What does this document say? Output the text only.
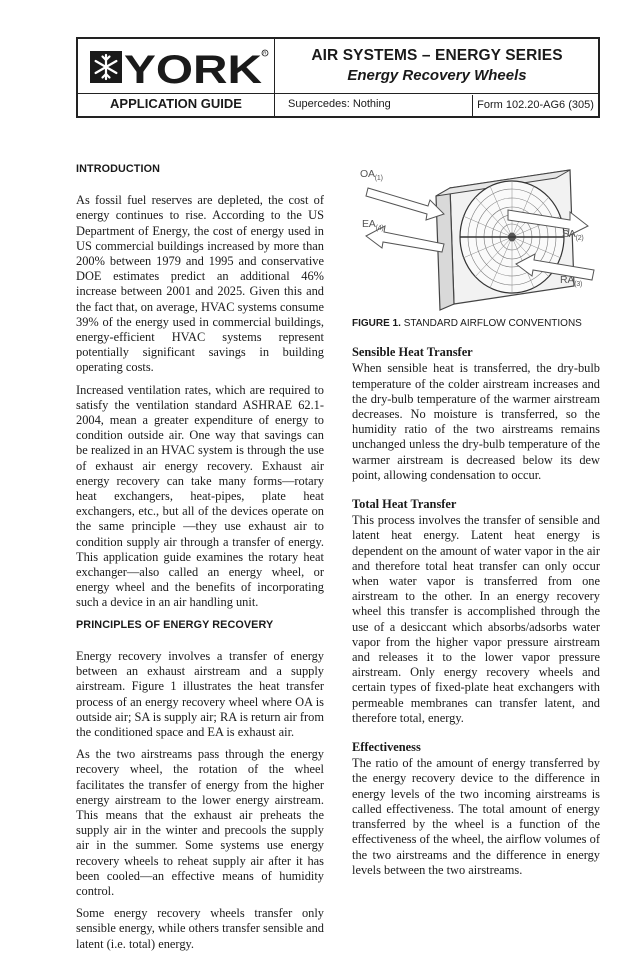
YORK R	AIR SYSTEMS – ENERGY SERIES
Energy Recovery Wheels
APPLICATION GUIDE	Supercedes: Nothing	Form 102.20-AG6 (305)
INTRODUCTION

As fossil fuel reserves are depleted, the cost of energy continues to rise. According to the US Department of Energy, the cost of energy used in US commercial buildings increased by more than 200% between 1979 and 1995 and conservative DOE estimates predict an additional 46% increase between 2001 and 2025. Given this and the fact that, on average, HVAC systems consume 39% of the energy used in commercial buildings, energy-efficient HVAC systems represent potentially significant savings in building operating costs.

Increased ventilation rates, which are required to satisfy the ventilation standard ASHRAE 62.1-2004, mean a greater expenditure of energy to condition outside air. One way that savings can be realized in an HVAC system is through the use of exhaust air energy recovery. Exhaust air energy recovery can take many forms—rotary heat exchangers, heat-pipes, plate heat exchangers, etc., but all of the devices operate on the same principle —they use exhaust air to condition supply air through a transfer of energy. This application guide examines the rotary heat exchanger—also called an energy wheel, or energy wheel and the benefits of incorporating such a device in an air handling unit.

PRINCIPLES OF ENERGY RECOVERY

Energy recovery involves a transfer of energy between an exhaust airstream and a supply airstream. Figure 1 illustrates the heat transfer process of an energy recovery wheel where OA is outside air; SA is supply air; RA is return air from the conditioned space and EA is exhaust air.

As the two airstreams pass through the energy recovery wheel, the rotation of the wheel facilitates the transfer of energy from the higher energy airstream to the lower energy airstream. This means that the exhaust air preheats the supply air in the winter and precools the supply air in the summer. Some systems use energy recovery wheels to reheat supply air after it has been cooled—an effective means of humidity control.

Some energy recovery wheels transfer only sensible energy, while others transfer sensible and latent (i.e. total) energy.

$OA_{(1)}$
$EA_{(4)}$	$SA_{(2)}$
$RA_{(3)}$
FIGURE 1. STANDARD AIRFLOW CONVENTIONS
Sensible Heat Transfer

When sensible heat is transferred, the dry-bulb temperature of the colder airstream increases and the dry-bulb temperature of the warmer airstream decreases. No moisture is transferred, so the humidity ratio of the two airstreams remains unchanged unless the dry-bulb temperature of the warmer airstream is decreased below its dew point, allowing condensation to occur.

Total Heat Transfer

This process involves the transfer of sensible and latent heat energy. Latent heat energy is dependent on the amount of water vapor in the air and therefore total heat transfer can only occur when water vapor is transferred from one airstream to the other. In an energy recovery wheel this transfer is accomplished through the use of a desiccant which absorbs/adsorbs water vapor from the higher vapor pressure airstream and releases it to the lower vapor pressure airstream. Only energy recovery wheels and certain types of fixed-plate heat exchangers with permeable membranes can transfer latent, and therefore total, energy.

Effectiveness

The ratio of the amount of energy transferred by the energy recovery device to the difference in energy levels of the two incoming airstreams is called effectiveness. The total amount of energy transferred by the wheel is a function of the effectiveness of the wheel, the airflow volumes of the two airstreams and the difference in energy levels between the two airstreams.
